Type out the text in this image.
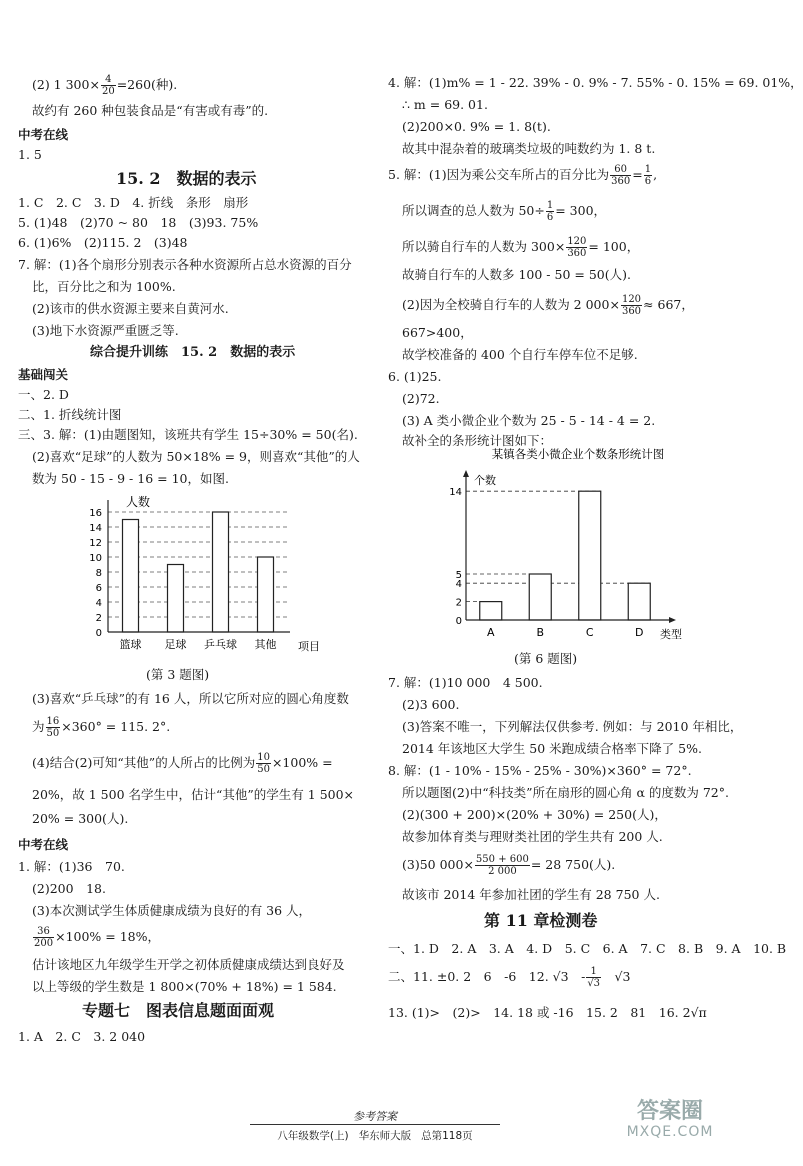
(2) 1 $300\times \frac{4}{20} =260$(种).
故约有 260 种包装食品是“有害或有毒”的.
中考在线
1. 5
15. 2　数据的表示
1. C　2. C　3. D　4. 折线　条形　扇形
5. (1)48　(2)70 ~ 80　18　(3)93. 75%
6. (1)6%　(2)115. 2　(3)48
7. 解：(1)各个扇形分别表示各种水资源所占总水资源的百分
比，百分比之和为 100%.
(2)该市的供水资源主要来自黄河水.
(3)地下水资源严重匮乏等.
综合提升训练　15. 2　数据的表示
基础闯关
一、2. D
二、1. 折线统计图
三、3. 解：(1)由题图知，该班共有学生 15÷30% = 50(名).
(2)喜欢“足球”的人数为 50×18% = 9，则喜欢“其他”的人
数为 50 - 15 - 9 - 16 = 10，如图.
0
2
4
6
8
10
12
14
16
篮球 足球 乒乓球 其他
人数
项目
(第 3 题图)
(3)喜欢“乒乓球”的有 16 人，所以它所对应的圆心角度数
为 $\frac{16}{50} \times 360^\circ = 115$. 2°.
(4)结合(2)可知“其他”的人所占的比例为 $\frac{10}{50} \times 100\%$ =
20%，故 1 500 名学生中，估计“其他”的学生有 1 500×
20% = 300(人).
中考在线
1. 解：(1)36　70.
(2)200　18.
(3)本次测试学生体质健康成绩为良好的有 36 人，
$\frac{36}{200} \times 100\% = 18\%$，
估计该地区九年级学生开学之初体质健康成绩达到良好及
以上等级的学生数是 1 800×(70% + 18%) = 1 584.
专题七　图表信息题面面观
1. A　2. C　3. 2 040
4. 解：(1)m% = 1 - 22. 39% - 0. 9% - 7. 55% - 0. 15% = 69. 01%，
∴ m = 69. 01.
(2)200×0. 9% = 1. 8(t).
故其中混杂着的玻璃类垃圾的吨数约为 1. 8 t.
5. 解：(1)因为乘公交车所占的百分比为 $\frac{60}{360} = \frac{1}{6}$ ,
所以调查的总人数为 $50\div \frac{1}{6} = 300$，
所以骑自行车的人数为 $300\times \frac{120}{360} = 100$，
故骑自行车的人数多 100 - 50 = 50(人).
(2)因为全校骑自行车的人数为 2 $000\times \frac{120}{360} \approx 667$，
667>400，
故学校准备的 400 个自行车停车位不足够.
6. (1)25.
(2)72.
(3) A 类小微企业个数为 25 - 5 - 14 - 4 = 2.
故补全的条形统计图如下：
某镇各类小微企业个数条形统计图
0
2
4
5
14
A	B	C	D
个数
类型
(第 6 题图)
7. 解：(1)10 000　4 500.
(2)3 600.
(3)答案不唯一，下列解法仅供参考. 例如：与 2010 年相比，
2014 年该地区大学生 50 米跑成绩合格率下降了 5%.
8. 解：(1 - 10% - 15% - 25% - 30%)×360° = 72°.
所以题图(2)中“科技类”所在扇形的圆心角 α 的度数为 72°.
(2)(300 + 200)×(20% + 30%) = 250(人)，
故参加体育类与理财类社团的学生共有 200 人.
(3)50 $000\times \frac{550 + 600}{2 000} = 28$ 750(人).
故该市 2014 年参加社团的学生有 28 750 人.
第 11 章检测卷
一、1. D　2. A　3. A　4. D　5. C　6. A　7. C　8. B　9. A　10. B
二、11. ±0. 2　6　-6　12. √3　- $\frac{1}{√3}$ 　√3
13. (1)>　(2)>　14. 18 或 -16　15. 2　81　16. 2√π
参考答案
八年级数学(上) 华东师大版 总第118页
答案圈
MXQE.COM
